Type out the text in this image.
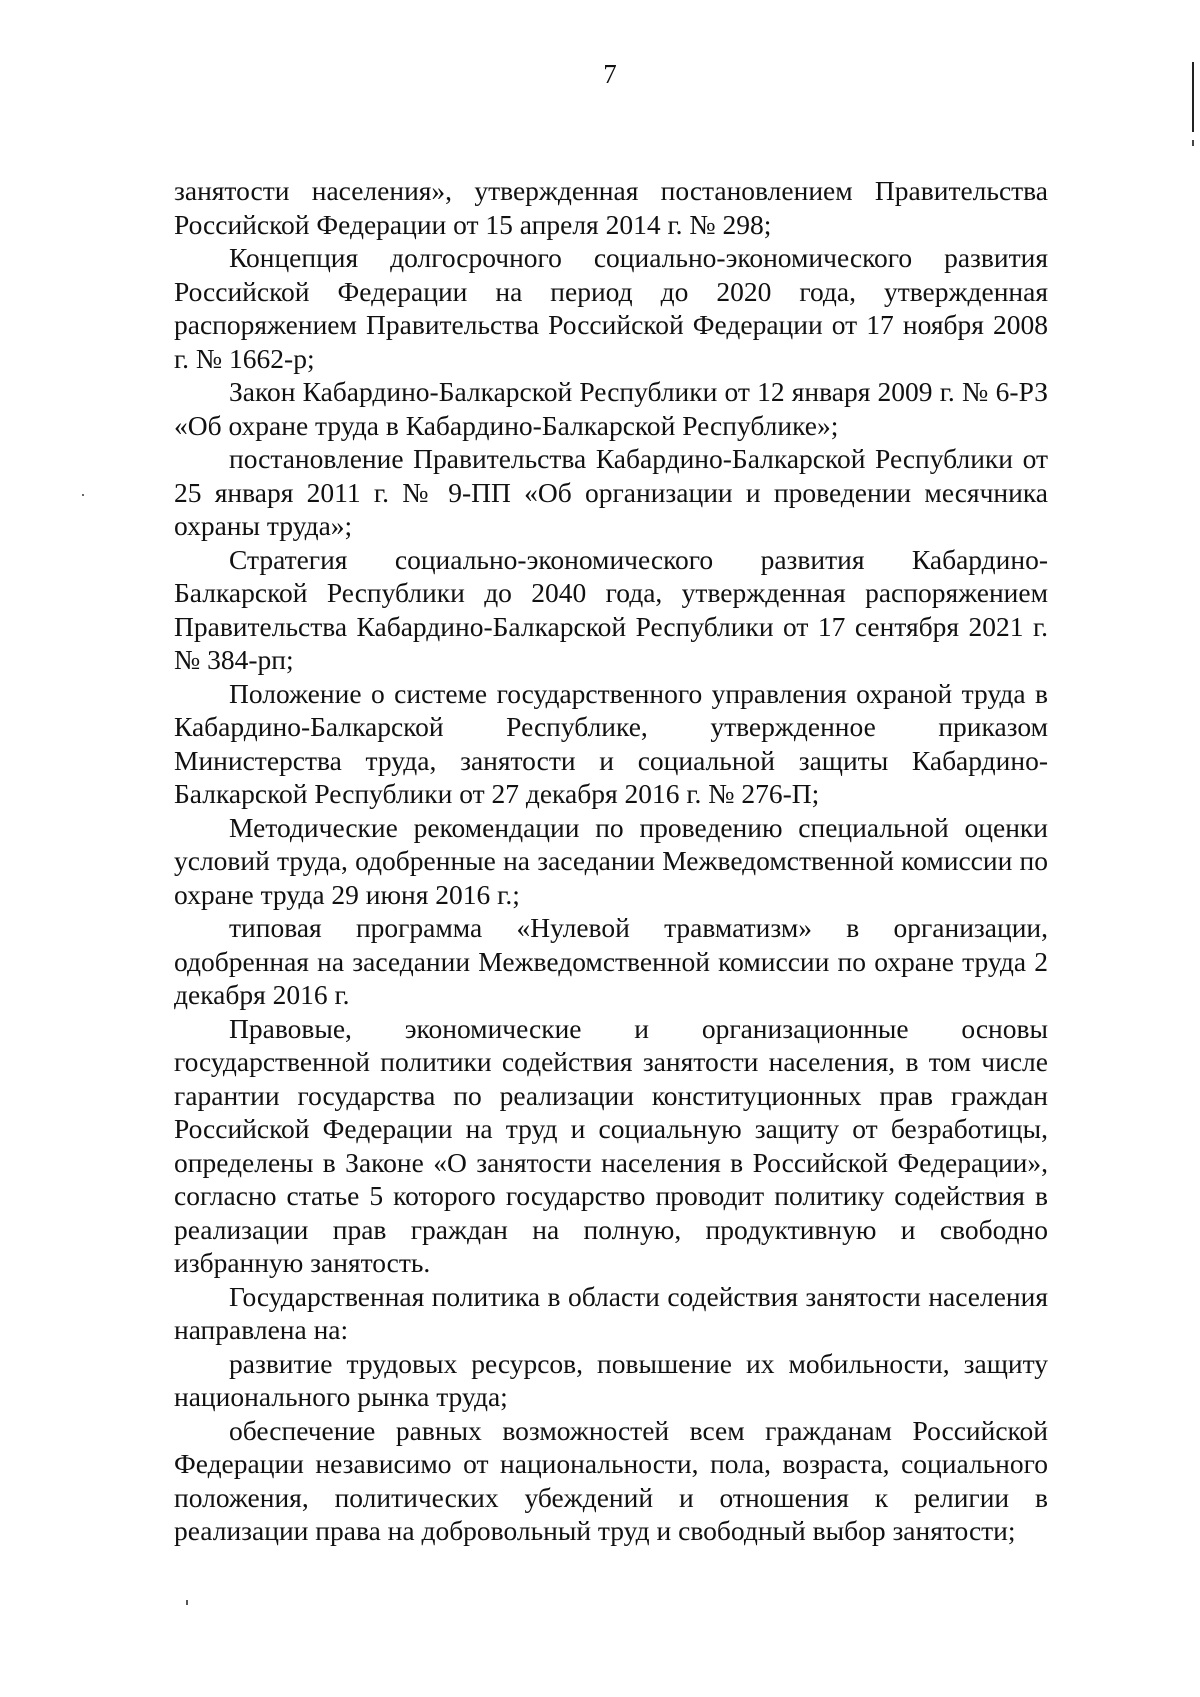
7

занятости населения», утвержденная постановлением Правительства Российской Федерации от 15 апреля 2014 г. № 298;

Концепция долгосрочного социально-экономического развития Российской Федерации на период до 2020 года, утвержденная распоряжением Правительства Российской Федерации от 17 ноября 2008 г. № 1662-р;

Закон Кабардино-Балкарской Республики от 12 января 2009 г. № 6-РЗ «Об охране труда в Кабардино-Балкарской Республике»;

постановление Правительства Кабардино-Балкарской Республики от 25 января 2011 г. № 9-ПП «Об организации и проведении месячника охраны труда»;

Стратегия социально-экономического развития Кабардино-Балкарской Республики до 2040 года, утвержденная распоряжением Правительства Кабардино-Балкарской Республики от 17 сентября 2021 г. № 384-рп;

Положение о системе государственного управления охраной труда в Кабардино-Балкарской Республике, утвержденное приказом Министерства труда, занятости и социальной защиты Кабардино-Балкарской Республики от 27 декабря 2016 г. № 276-П;

Методические рекомендации по проведению специальной оценки условий труда, одобренные на заседании Межведомственной комиссии по охране труда 29 июня 2016 г.;

типовая программа «Нулевой травматизм» в организации, одобренная на заседании Межведомственной комиссии по охране труда 2 декабря 2016 г.

Правовые, экономические и организационные основы государственной политики содействия занятости населения, в том числе гарантии государства по реализации конституционных прав граждан Российской Федерации на труд и социальную защиту от безработицы, определены в Законе «О занятости населения в Российской Федерации», согласно статье 5 которого государство проводит политику содействия в реализации прав граждан на полную, продуктивную и свободно избранную занятость.

Государственная политика в области содействия занятости населения направлена на:

развитие трудовых ресурсов, повышение их мобильности, защиту национального рынка труда;

обеспечение равных возможностей всем гражданам Российской Федерации независимо от национальности, пола, возраста, социального положения, политических убеждений и отношения к религии в реализации права на добровольный труд и свободный выбор занятости;
